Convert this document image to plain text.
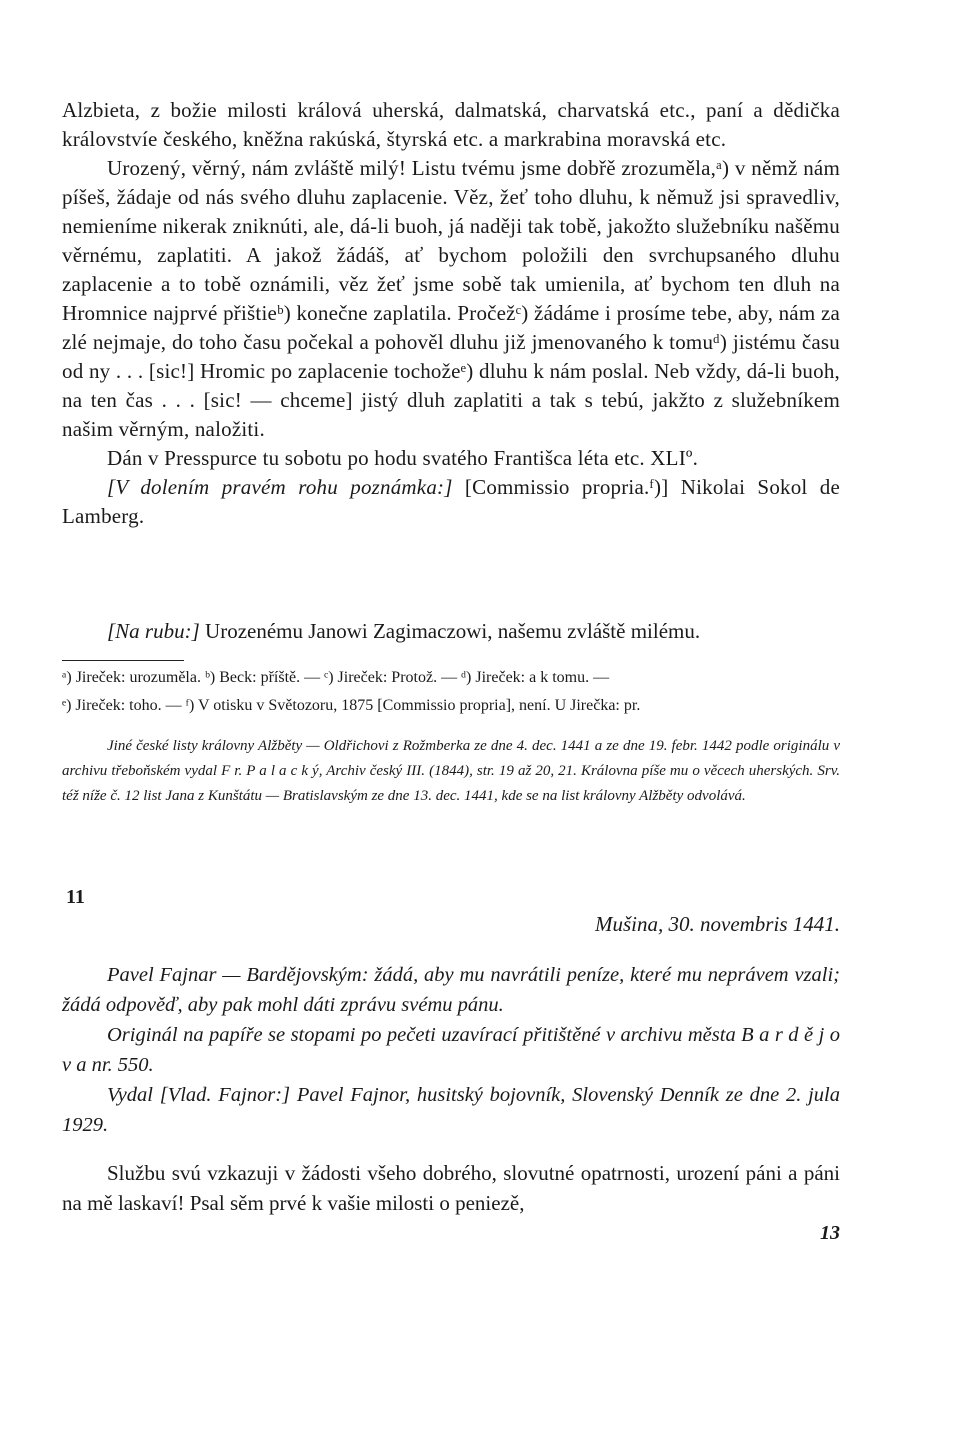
Alzbieta, z božie milosti králová uherská, dalmatská, charvatská etc., paní a dědička královstvíe českého, kněžna rakúská, štyrská etc. a markrabina moravská etc.

Urozený, věrný, nám zvláště milý! Listu tvému jsme dobřě zrozuměla,ᵃ) v němž nám píšeš, žádaje od nás svého dluhu zaplacenie. Věz, žeť toho dluhu, k němuž jsi spravedliv, nemieníme nikerak zniknúti, ale, dá-li buoh, já naději tak tobě, jakožto služebníku našěmu věrnému, zaplatiti. A jakož žádáš, ať bychom položili den svrchupsaného dluhu zaplacenie a to tobě oznámili, věz žeť jsme sobě tak umienila, ať bychom ten dluh na Hromnice najprvé přištieᵇ) konečne zaplatila. Pročežᶜ) žádáme i prosíme tebe, aby, nám za zlé nejmaje, do toho času počekal a pohověl dluhu již jmenovaného k tomuᵈ) jistému času od ny . . . [sic!] Hromic po zaplacenie tochožeᵉ) dluhu k nám poslal. Neb vždy, dá-li buoh, na ten čas . . . [sic! — chceme] jistý dluh zaplatiti a tak s tebú, jakžto z služebníkem našim věrným, naložiti.

Dán v Presspurce tu sobotu po hodu svatého Františca léta etc. XLIº.

[V dolením pravém rohu poznámka:] [Commissio propria.ᶠ)] Nikolai Sokol de Lamberg.

[Na rubu:] Urozenému Janowi Zagimaczowi, našemu zvláště milému.

ᵃ) Jireček: urozuměla. ᵇ) Beck: příště. — ᶜ) Jireček: Protož. — ᵈ) Jireček: a k tomu. —

ᵉ) Jireček: toho. — ᶠ) V otisku v Světozoru, 1875 [Commissio propria], není. U Jirečka: pr.

Jiné české listy královny Alžběty — Oldřichovi z Rožmberka ze dne 4. dec. 1441 a ze dne 19. febr. 1442 podle originálu v archivu třeboňském vydal F r. P a l a c k ý, Archiv český III. (1844), str. 19 až 20, 21. Královna píše mu o věcech uherských. Srv. též níže č. 12 list Jana z Kunštátu — Bratislavským ze dne 13. dec. 1441, kde se na list královny Alžběty odvolává.

11
Mušina, 30. novembris 1441.

Pavel Fajnar — Bardějovským: žádá, aby mu navrátili peníze, které mu neprávem vzali; žádá odpověď, aby pak mohl dáti zprávu svému pánu.

Originál na papíře se stopami po pečeti uzavírací přitištěné v archivu města B a r d ě j o v a nr. 550.

Vydal [Vlad. Fajnor:] Pavel Fajnor, husitský bojovník, Slovenský Denník ze dne 2. jula 1929.

Službu svú vzkazuji v žádosti všeho dobrého, slovutné opatrnosti, urození páni a páni na mě laskaví! Psal sěm prvé k vašie milosti o peniezě,

13
